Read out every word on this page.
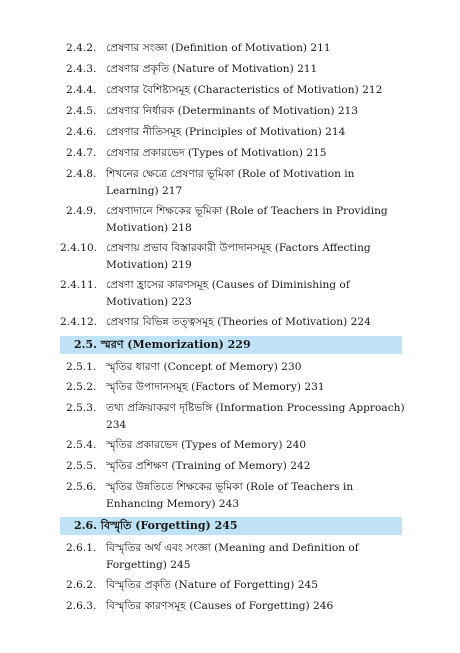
2.4.2. প্রেষণার সংজ্ঞা (Definition of Motivation) 211
2.4.3. প্রেষণার প্রকৃতি (Nature of Motivation) 211
2.4.4. প্রেষণার বৈশিষ্ট্যসমূহ (Characteristics of Motivation) 212
2.4.5. প্রেষণার নির্ধারক (Determinants of Motivation) 213
2.4.6. প্রেষণার নীতিসমূহ (Principles of Motivation) 214
2.4.7. প্রেষণার প্রকারভেদ (Types of Motivation) 215
2.4.8. শিখনের ক্ষেত্রে প্রেষণার ভূমিকা (Role of Motivation in
Learning) 217
2.4.9. প্রেষণাদানে শিক্ষকের ভূমিকা (Role of Teachers in Providing
Motivation) 218
2.4.10. প্রেষণায় প্রভাব বিস্তারকারী উপাদানসমূহ (Factors Affecting
Motivation) 219
2.4.11. প্রেষণা হ্রাসের কারণসমূহ (Causes of Diminishing of
Motivation) 223
2.4.12. প্রেষণার বিভিন্ন তত্ত্বসমূহ (Theories of Motivation) 224
2.5. স্মরণ (Memorization) 229
2.5.1. স্মৃতির ধারণা (Concept of Memory) 230
2.5.2. স্মৃতির উপাদানসমূহ (Factors of Memory) 231
2.5.3. তথ্য প্রক্রিয়াকরণ দৃষ্টিভঙ্গি (Information Processing Approach)
234
2.5.4. স্মৃতির প্রকারভেদ (Types of Memory) 240
2.5.5. স্মৃতির প্রশিক্ষণ (Training of Memory) 242
2.5.6. স্মৃতির উন্নতিতে শিক্ষকের ভূমিকা (Role of Teachers in
Enhancing Memory) 243
2.6. বিস্মৃতি (Forgetting) 245
2.6.1. বিস্মৃতির অর্থ এবং সংজ্ঞা (Meaning and Definition of
Forgetting) 245
2.6.2. বিস্মৃতির প্রকৃতি (Nature of Forgetting) 245
2.6.3. বিস্মৃতির কারণসমূহ (Causes of Forgetting) 246
